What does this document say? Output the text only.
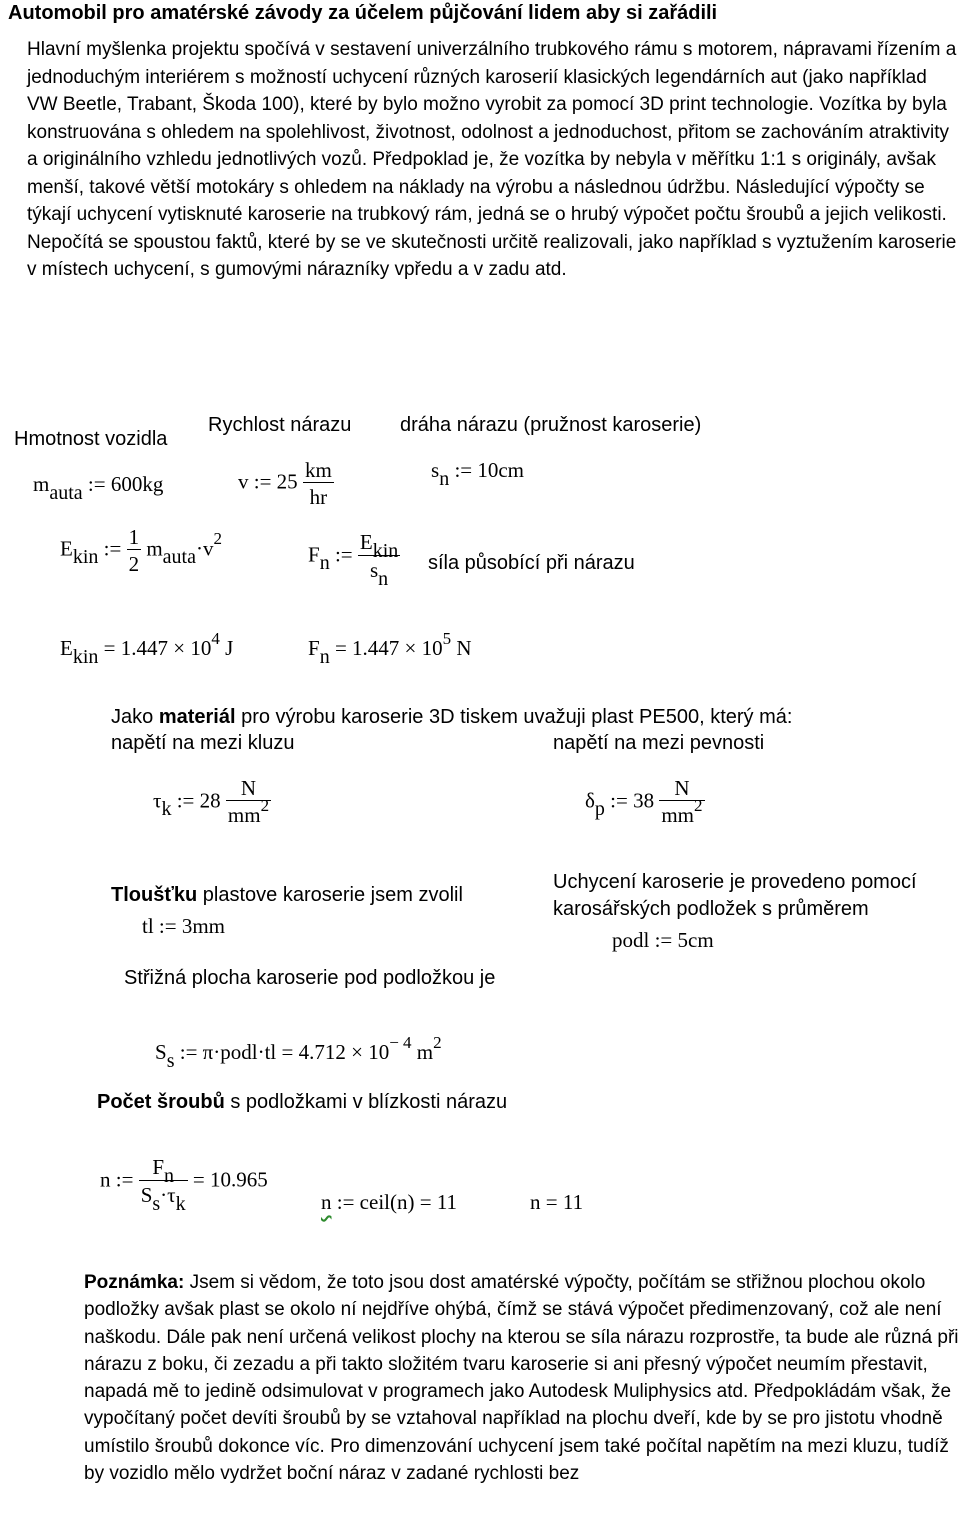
Automobil pro amatérské závody za účelem půjčování lidem aby si zařádili
Hlavní myšlenka projektu spočívá v sestavení univerzálního trubkového rámu s motorem, nápravami řízením a jednoduchým interiérem s možností uchycení různých karoserií klasických legendárních aut (jako například VW Beetle, Trabant, Škoda 100), které by bylo možno vyrobit za pomocí 3D print technologie. Vozítka by byla konstruována s ohledem na spolehlivost, životnost, odolnost a jednoduchost, přitom se zachováním atraktivity a originálního vzhledu jednotlivých vozů. Předpoklad je, že vozítka by nebyla v měřítku 1:1 s originály, avšak menší, takové větší motokáry s ohledem na náklady na výrobu a následnou údržbu. Následující výpočty se týkají uchycení vytisknuté karoserie na trubkový rám, jedná se o hrubý výpočet počtu šroubů a jejich velikosti. Nepočítá se spoustou faktů, které by se ve skutečnosti určitě realizovali, jako například s vyztužením karoserie v místech uchycení, s gumovými nárazníky vpředu a v zadu atd.
Hmotnost vozidla
Rychlost nárazu dráha nárazu (pružnost karoserie)
mauta := 600kg	v := $25 \frac{km}{hr}$	sn := 10cm
Ekin := $\frac{1}{2}$ $mauta\cdot v^2$
Fn := $\frac{\text{Ekin}}{sn}$ síla působící při nárazu
Ekin = $1.447 \times 10^4$ J	$Fn = 1.447 \times 10^5$ N
Jako materiál pro výrobu karoserie 3D tiskem uvažuji plast PE500, který má:
napětí na mezi kluzu	napětí na mezi pevnosti
τk := $28 \frac{N}{mm^2}$	δp := $38 \frac{N}{mm^2}$
Tloušťku plastove karoserie jsem zvolil
tl := 3mm
Uchycení karoserie je provedeno pomocí
karosářských podložek s průměrem
podl := 5cm
Střižná plocha karoserie pod podložkou je
Ss := π·podl·tl = $4.712 \times 10^{- 4}$ $m^2$
Počet šroubů s podložkami v blízkosti nárazu
n := $\frac{Fn}{Ss\cdot\tau k} = 10.965$
n := ceil(n) = 11	n = 11
Poznámka: Jsem si vědom, že toto jsou dost amatérské výpočty, počítám se střižnou plochou okolo podložky avšak plast se okolo ní nejdříve ohýbá, čímž se stává výpočet předimenzovaný, což ale není naškodu. Dále pak není určená velikost plochy na kterou se síla nárazu rozprostře, ta bude ale různá při nárazu z boku, či zezadu a při takto složitém tvaru karoserie si ani přesný výpočet neumím přestavit, napadá mě to jedině odsimulovat v programech jako Autodesk Muliphysics atd. Předpokládám však, že vypočítaný počet devíti šroubů by se vztahoval například na plochu dveří, kde by se pro jistotu vhodně umístilo šroubů dokonce víc. Pro dimenzování uchycení jsem také počítal napětím na mezi kluzu, tudíž by vozidlo mělo vydržet boční náraz v zadané rychlosti bez
